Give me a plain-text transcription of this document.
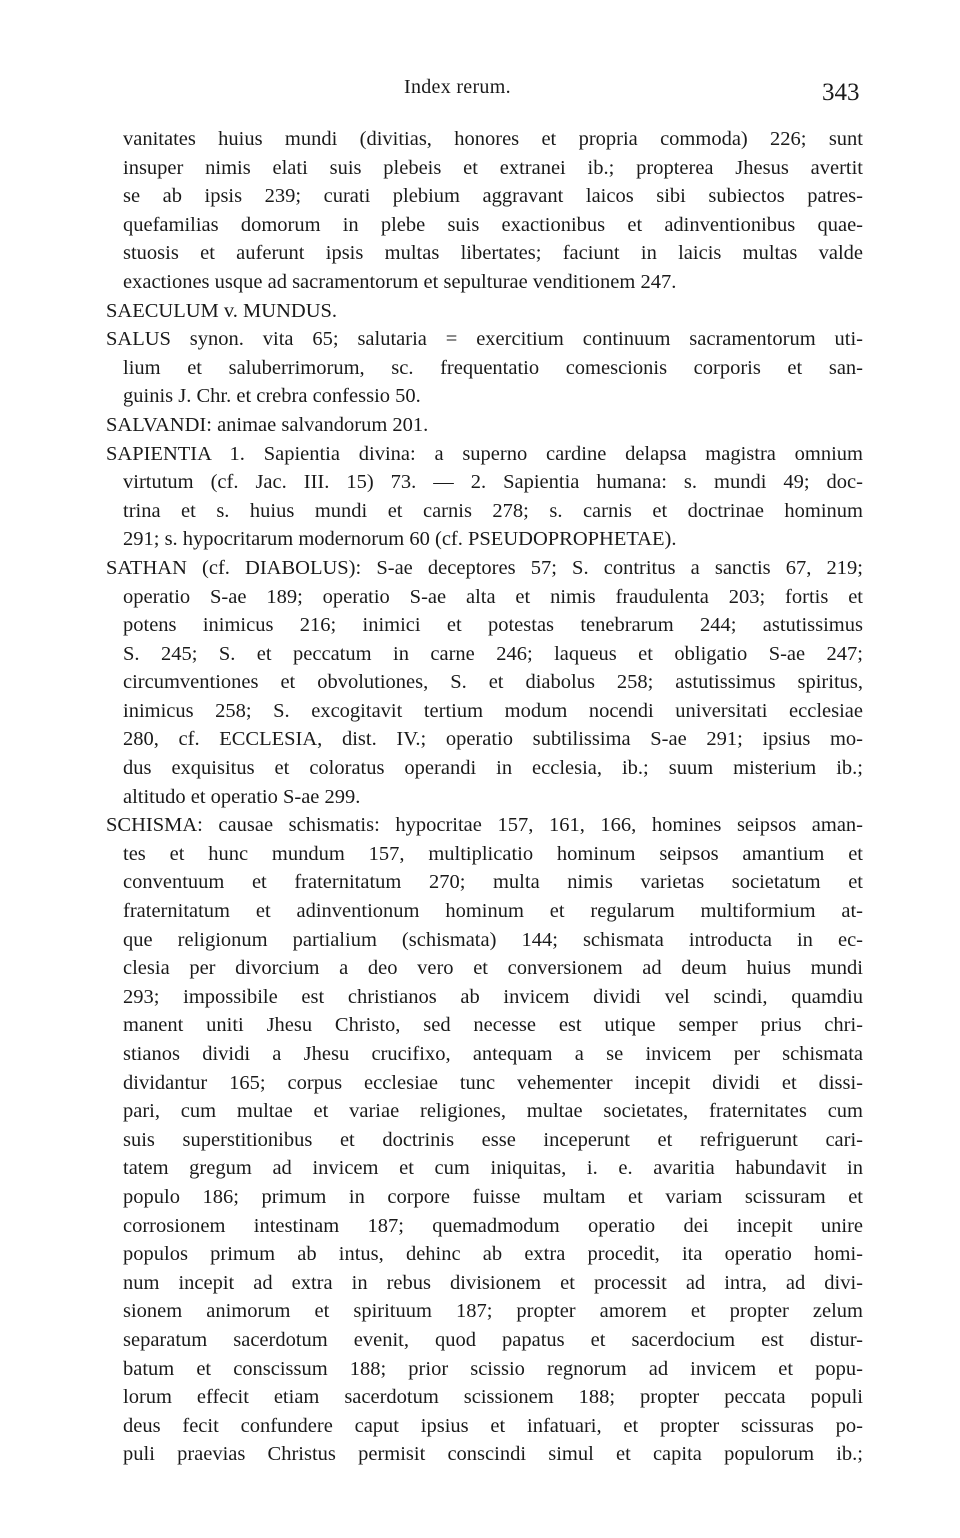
Index rerum.	343
vanitates huius mundi (divitias, honores et propria commoda) 226; sunt
insuper nimis elati suis plebeis et extranei ib.; propterea Jhesus avertit
se ab ipsis 239; curati plebium aggravant laicos sibi subiectos patres-
quefamilias domorum in plebe suis exactionibus et adinventionibus quae-
stuosis et auferunt ipsis multas libertates; faciunt in laicis multas valde
exactiones usque ad sacramentorum et sepulturae venditionem 247.
SAECULUM v. MUNDUS.
SALUS synon. vita 65; salutaria = exercitium continuum sacramentorum uti-
lium et saluberrimorum, sc. frequentatio comescionis corporis et san-
guinis J. Chr. et crebra confessio 50.
SALVANDI: animae salvandorum 201.
SAPIENTIA 1. Sapientia divina: a superno cardine delapsa magistra omnium
virtutum (cf. Jac. III. 15) 73. — 2. Sapientia humana: s. mundi 49; doc-
trina et s. huius mundi et carnis 278; s. carnis et doctrinae hominum
291; s. hypocritarum modernorum 60 (cf. PSEUDOPROPHETAE).
SATHAN (cf. DIABOLUS): S-ae deceptores 57; S. contritus a sanctis 67, 219;
operatio S-ae 189; operatio S-ae alta et nimis fraudulenta 203; fortis et
potens inimicus 216; inimici et potestas tenebrarum 244; astutissimus
S. 245; S. et peccatum in carne 246; laqueus et obligatio S-ae 247;
circumventiones et obvolutiones, S. et diabolus 258; astutissimus spiritus,
inimicus 258; S. excogitavit tertium modum nocendi universitati ecclesiae
280, cf. ECCLESIA, dist. IV.; operatio subtilissima S-ae 291; ipsius mo-
dus exquisitus et coloratus operandi in ecclesia, ib.; suum misterium ib.;
altitudo et operatio S-ae 299.
SCHISMA: causae schismatis: hypocritae 157, 161, 166, homines seipsos aman-
tes et hunc mundum 157, multiplicatio hominum seipsos amantium et
conventuum et fraternitatum 270; multa nimis varietas societatum et
fraternitatum et adinventionum hominum et regularum multiformium at-
que religionum partialium (schismata) 144; schismata introducta in ec-
clesia per divorcium a deo vero et conversionem ad deum huius mundi
293; impossibile est christianos ab invicem dividi vel scindi, quamdiu
manent uniti Jhesu Christo, sed necesse est utique semper prius chri-
stianos dividi a Jhesu crucifixo, antequam a se invicem per schismata
dividantur 165; corpus ecclesiae tunc vehementer incepit dividi et dissi-
pari, cum multae et variae religiones, multae societates, fraternitates cum
suis superstitionibus et doctrinis esse inceperunt et refriguerunt cari-
tatem gregum ad invicem et cum iniquitas, i. e. avaritia habundavit in
populo 186; primum in corpore fuisse multam et variam scissuram et
corrosionem intestinam 187; quemadmodum operatio dei incepit unire
populos primum ab intus, dehinc ab extra procedit, ita operatio homi-
num incepit ad extra in rebus divisionem et processit ad intra, ad divi-
sionem animorum et spirituum 187; propter amorem et propter zelum
separatum sacerdotum evenit, quod papatus et sacerdocium est distur-
batum et conscissum 188; prior scissio regnorum ad invicem et popu-
lorum effecit etiam sacerdotum scissionem 188; propter peccata populi
deus fecit confundere caput ipsius et infatuari, et propter scissuras po-
puli praevias Christus permisit conscindi simul et capita populorum ib.;
